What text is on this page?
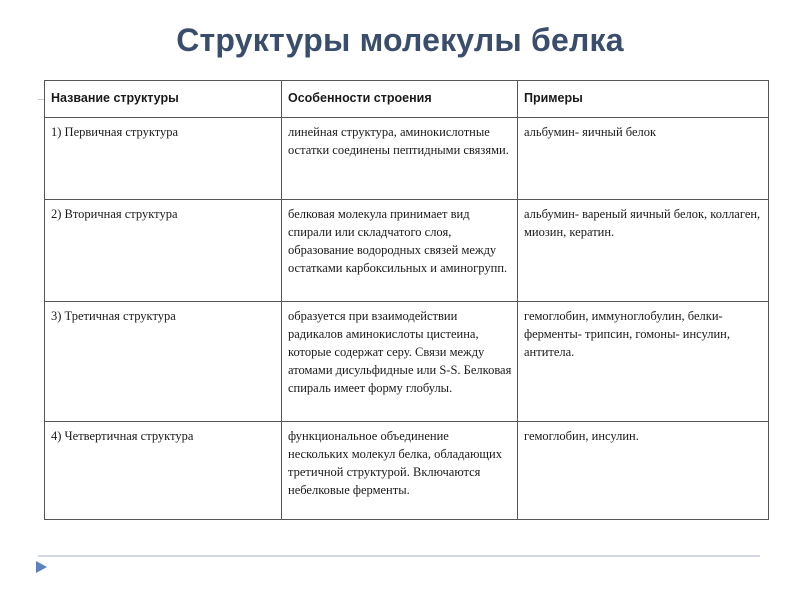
Структуры молекулы белка
Название структуры	Особенности строения	Примеры
1) Первичная структура	линейная структура, аминокислотные остатки соединены пептидными связями.	альбумин- яичный белок
2) Вторичная структура	белковая молекула принимает вид спирали или складчатого слоя, образование водородных связей между остатками карбоксильных и аминогрупп.	альбумин- вареный яичный белок, коллаген, миозин, кератин.
3) Третичная структура	образуется при взаимодействии радикалов аминокислоты цистеина, которые содержат серу. Связи между атомами дисульфидные или S-S. Белковая спираль имеет форму глобулы.	гемоглобин, иммуноглобулин, белки-ферменты- трипсин, гомоны- инсулин, антитела.
4) Четвертичная структура	функциональное объединение нескольких молекул белка, обладающих третичной структурой. Включаются небелковые ферменты.	гемоглобин, инсулин.
